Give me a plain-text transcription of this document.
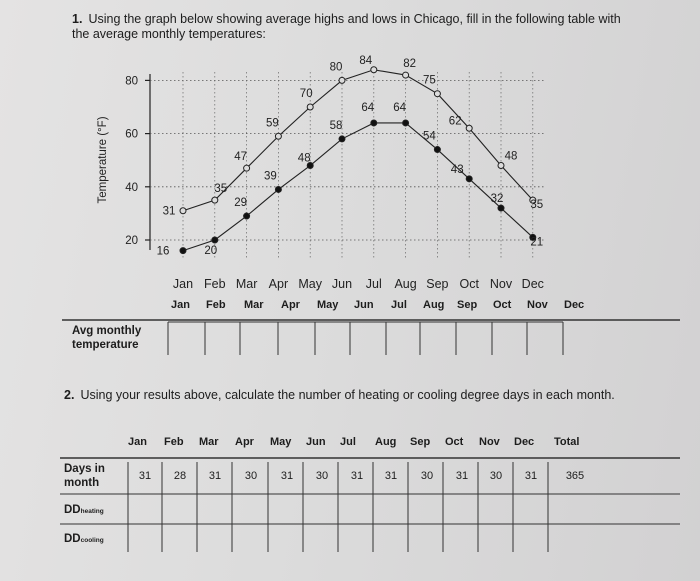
1. Using the graph below showing average highs and lows in Chicago, fill in the following table with the average monthly temperatures:
80
60
40
20
Temperature (°F)
Jan Feb Mar Apr May Jun Jul Aug Sep Oct Nov Dec
31
35
47
59
70
80
84	82
75
62
48
35
16	20
29
39
48
58
64 64
54
43
32
21
2. Using your results above, calculate the number of heating or cooling degree days in each month.
Jan Feb Mar Apr May Jun Jul Aug Sep Oct Nov Dec
Avg monthly
temperature
Jan Feb Mar Apr May Jun Jul Aug Sep Oct Nov Dec Total
Days in
month
31	28	31	30	31	30	31	31	30	31	30	31	365
DDheating
DDcooling
